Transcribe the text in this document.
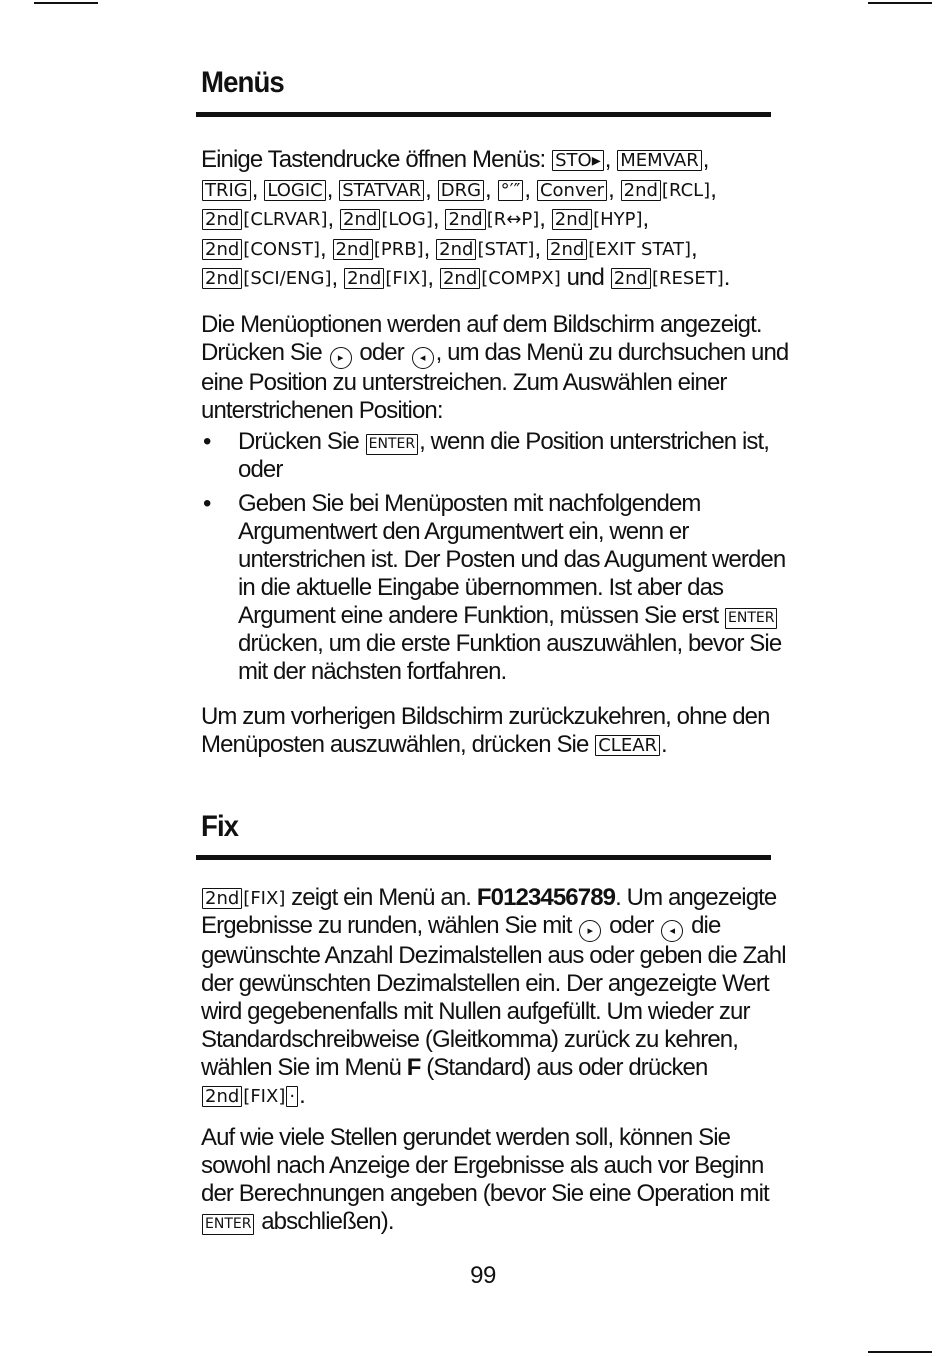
Menüs
Einige Tastendrucke öffnen Menüs: STO▸ , MEMVAR ,
TRIG , LOGIC , STATVAR , DRG , °′″ , Conver , 2nd [ RCL ] ,
2nd [ CLRVAR ] , 2nd [ LOG ] , 2nd [ R↔P ] , 2nd [ HYP ] ,
2nd [ CONST ] , 2nd [ PRB ] , 2nd [ STAT ] , 2nd [ EXIT STAT ] ,
2nd [ SCI/ENG ] , 2nd [ FIX ] , 2nd [ COMPX ] und 2nd [ RESET ] .
Die Menüoptionen werden auf dem Bildschirm angezeigt.
Drücken Sie ▸ oder ◂ , um das Menü zu durchsuchen und
eine Position zu unterstreichen. Zum Auswählen einer
unterstrichenen Position:
• Drücken Sie ENTER , wenn die Position unterstrichen ist,
oder
• Geben Sie bei Menüposten mit nachfolgendem
Argumentwert den Argumentwert ein, wenn er
unterstrichen ist. Der Posten und das Augument werden
in die aktuelle Eingabe übernommen. Ist aber das
Argument eine andere Funktion, müssen Sie erst ENTER
drücken, um die erste Funktion auszuwählen, bevor Sie
mit der nächsten fortfahren.
Um zum vorherigen Bildschirm zurückzukehren, ohne den
Menüposten auszuwählen, drücken Sie CLEAR .
Fix
2nd [ FIX ] zeigt ein Menü an. F0123456789. Um angezeigte
Ergebnisse zu runden, wählen Sie mit ▸ oder ◂ die
gewünschte Anzahl Dezimalstellen aus oder geben die Zahl
der gewünschten Dezimalstellen ein. Der angezeigte Wert
wird gegebenenfalls mit Nullen aufgefüllt. Um wieder zur
Standardschreibweise (Gleitkomma) zurück zu kehren,
wählen Sie im Menü F (Standard) aus oder drücken
2nd [ FIX ] · .
Auf wie viele Stellen gerundet werden soll, können Sie
sowohl nach Anzeige der Ergebnisse als auch vor Beginn
der Berechnungen angeben (bevor Sie eine Operation mit
ENTER abschließen).
99
